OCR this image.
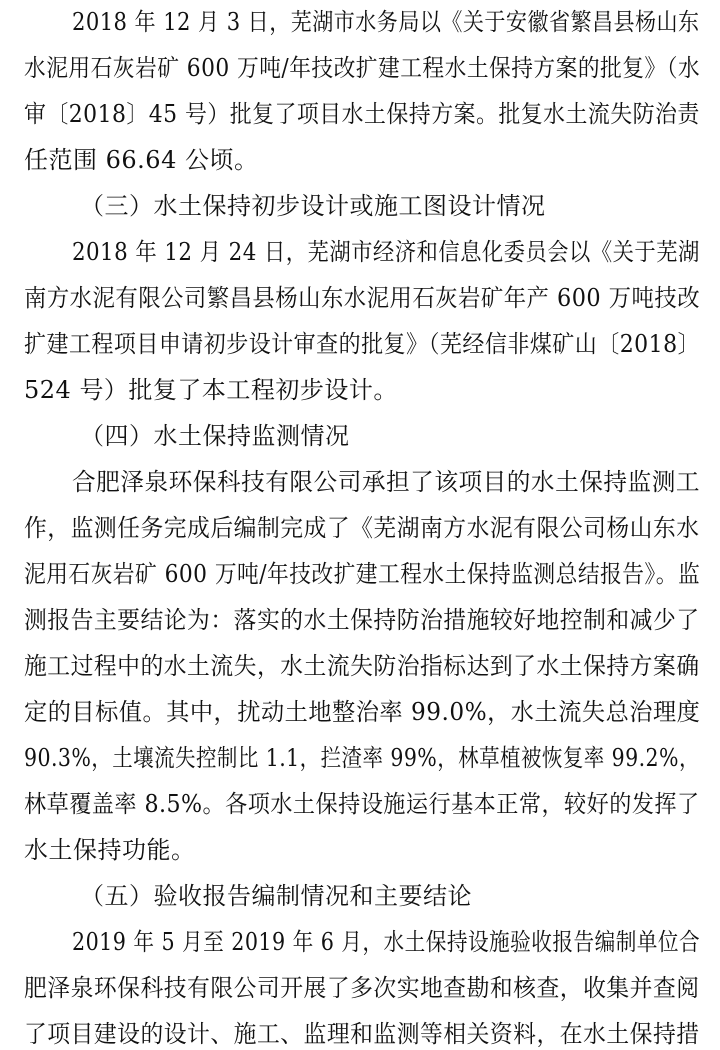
2018 年 12 月 3 日，芜湖市水务局以《关于安徽省繁昌县杨山东
水泥用石灰岩矿 600 万吨/年技改扩建工程水土保持方案的批复》（水
审〔2018〕45 号）批复了项目水土保持方案。批复水土流失防治责
任范围 66.64 公顷。
（三）水土保持初步设计或施工图设计情况
2018 年 12 月 24 日，芜湖市经济和信息化委员会以《关于芜湖
南方水泥有限公司繁昌县杨山东水泥用石灰岩矿年产 600 万吨技改
扩建工程项目申请初步设计审查的批复》（芜经信非煤矿山〔2018〕
524 号）批复了本工程初步设计。
（四）水土保持监测情况
合肥泽泉环保科技有限公司承担了该项目的水土保持监测工
作，监测任务完成后编制完成了《芜湖南方水泥有限公司杨山东水
泥用石灰岩矿 600 万吨/年技改扩建工程水土保持监测总结报告》。监
测报告主要结论为：落实的水土保持防治措施较好地控制和减少了
施工过程中的水土流失，水土流失防治指标达到了水土保持方案确
定的目标值。其中，扰动土地整治率 99.0%，水土流失总治理度
90.3%，土壤流失控制比 1.1，拦渣率 99%，林草植被恢复率 99.2%，
林草覆盖率 8.5%。各项水土保持设施运行基本正常，较好的发挥了
水土保持功能。
（五）验收报告编制情况和主要结论
2019 年 5 月至 2019 年 6 月，水土保持设施验收报告编制单位合
肥泽泉环保科技有限公司开展了多次实地查勘和核查，收集并查阅
了项目建设的设计、施工、监理和监测等相关资料，在水土保持措
